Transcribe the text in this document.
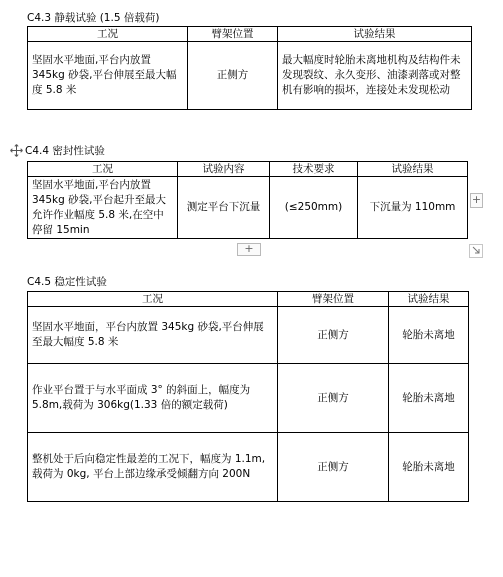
C4.3 静载试验 (1.5 倍载荷)
工况	臂架位置	试验结果
坚固水平地面,平台内放置345kg 砂袋,平台伸展至最大幅度 5.8 米	正侧方	最大幅度时轮胎未离地机构及结构件未发现裂纹、永久变形、油漆剥落或对整机有影响的损坏，连接处未发现松动
C4.4 密封性试验
工况	试验内容	技术要求	试验结果
坚固水平地面,平台内放置345kg 砂袋,平台起升至最大允许作业幅度 5.8 米,在空中停留 15min	测定平台下沉量	(≤250mm)	下沉量为 110mm
+
+
C4.5 稳定性试验
工况	臂架位置	试验结果
坚固水平地面，平台内放置 345kg 砂袋,平台伸展至最大幅度 5.8 米	正侧方	轮胎未离地
作业平台置于与水平面成 3° 的斜面上，幅度为 5.8m,载荷为 306kg(1.33 倍的额定载荷)	正侧方	轮胎未离地
整机处于后向稳定性最差的工况下，幅度为 1.1m,载荷为 0kg, 平台上部边缘承受倾翻方向 200N	正侧方	轮胎未离地
